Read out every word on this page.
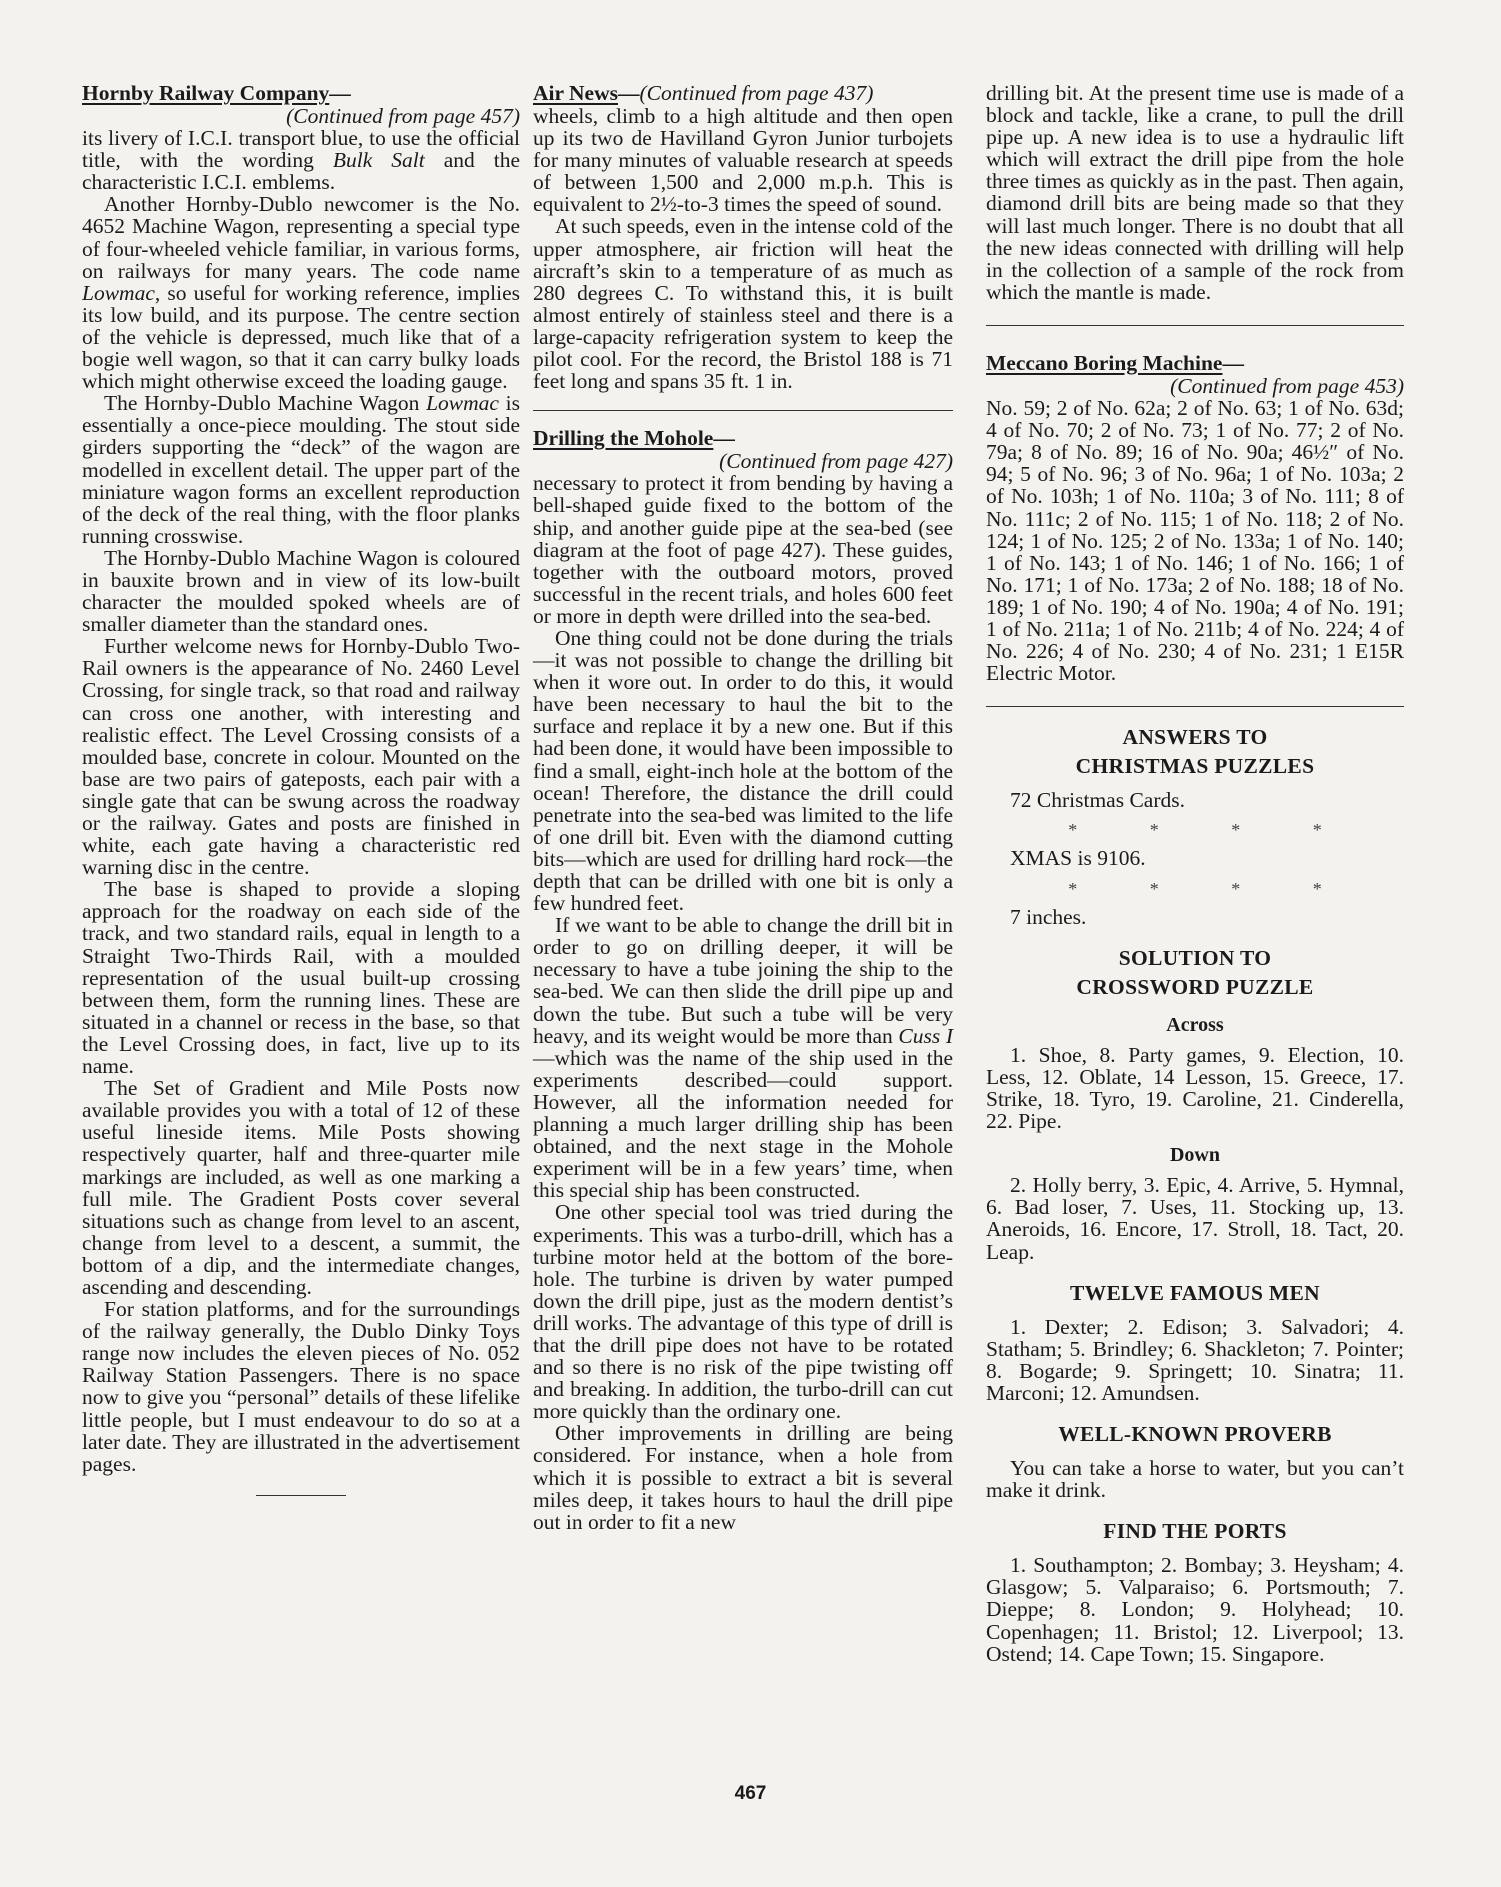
Hornby Railway Company—

(Continued from page 457)

its livery of I.C.I. transport blue, to use the official title, with the wording Bulk Salt and the characteristic I.C.I. emblems.

Another Hornby-Dublo newcomer is the No. 4652 Machine Wagon, representing a special type of four-wheeled vehicle familiar, in various forms, on railways for many years. The code name Lowmac, so useful for working reference, implies its low build, and its purpose. The centre section of the vehicle is depressed, much like that of a bogie well wagon, so that it can carry bulky loads which might otherwise exceed the loading gauge.

The Hornby-Dublo Machine Wagon Lowmac is essentially a once-piece moulding. The stout side girders supporting the “deck” of the wagon are modelled in excellent detail. The upper part of the miniature wagon forms an excellent reproduction of the deck of the real thing, with the floor planks running crosswise.

The Hornby-Dublo Machine Wagon is coloured in bauxite brown and in view of its low-built character the moulded spoked wheels are of smaller diameter than the standard ones.

Further welcome news for Hornby-Dublo Two-Rail owners is the appearance of No. 2460 Level Crossing, for single track, so that road and railway can cross one another, with interesting and realistic effect. The Level Crossing consists of a moulded base, concrete in colour. Mounted on the base are two pairs of gateposts, each pair with a single gate that can be swung across the roadway or the railway. Gates and posts are finished in white, each gate having a characteristic red warning disc in the centre.

The base is shaped to provide a sloping approach for the roadway on each side of the track, and two standard rails, equal in length to a Straight Two-Thirds Rail, with a moulded representation of the usual built-up crossing between them, form the running lines. These are situated in a channel or recess in the base, so that the Level Crossing does, in fact, live up to its name.

The Set of Gradient and Mile Posts now available provides you with a total of 12 of these useful lineside items. Mile Posts showing respectively quarter, half and three-quarter mile markings are included, as well as one marking a full mile. The Gradient Posts cover several situations such as change from level to an ascent, change from level to a descent, a summit, the bottom of a dip, and the intermediate changes, ascending and descending.

For station platforms, and for the surroundings of the railway generally, the Dublo Dinky Toys range now includes the eleven pieces of No. 052 Railway Station Passengers. There is no space now to give you “personal” details of these lifelike little people, but I must endeavour to do so at a later date. They are illustrated in the advertisement pages.

Air News—(Continued from page 437)

wheels, climb to a high altitude and then open up its two de Havilland Gyron Junior turbojets for many minutes of valuable research at speeds of between 1,500 and 2,000 m.p.h. This is equivalent to 2½-to-3 times the speed of sound.

At such speeds, even in the intense cold of the upper atmosphere, air friction will heat the aircraft’s skin to a temperature of as much as 280 degrees C. To withstand this, it is built almost entirely of stainless steel and there is a large-capacity refrigeration system to keep the pilot cool. For the record, the Bristol 188 is 71 feet long and spans 35 ft. 1 in.

Drilling the Mohole—

(Continued from page 427)

necessary to protect it from bending by having a bell-shaped guide fixed to the bottom of the ship, and another guide pipe at the sea-bed (see diagram at the foot of page 427). These guides, together with the outboard motors, proved successful in the recent trials, and holes 600 feet or more in depth were drilled into the sea-bed.

One thing could not be done during the trials—it was not possible to change the drilling bit when it wore out. In order to do this, it would have been necessary to haul the bit to the surface and replace it by a new one. But if this had been done, it would have been impossible to find a small, eight-inch hole at the bottom of the ocean! Therefore, the distance the drill could penetrate into the sea-bed was limited to the life of one drill bit. Even with the diamond cutting bits—which are used for drilling hard rock—the depth that can be drilled with one bit is only a few hundred feet.

If we want to be able to change the drill bit in order to go on drilling deeper, it will be necessary to have a tube joining the ship to the sea-bed. We can then slide the drill pipe up and down the tube. But such a tube will be very heavy, and its weight would be more than Cuss I—which was the name of the ship used in the experiments described—could support. However, all the information needed for planning a much larger drilling ship has been obtained, and the next stage in the Mohole experiment will be in a few years’ time, when this special ship has been constructed.

One other special tool was tried during the experiments. This was a turbo-drill, which has a turbine motor held at the bottom of the bore-hole. The turbine is driven by water pumped down the drill pipe, just as the modern dentist’s drill works. The advantage of this type of drill is that the drill pipe does not have to be rotated and so there is no risk of the pipe twisting off and breaking. In addition, the turbo-drill can cut more quickly than the ordinary one.

Other improvements in drilling are being considered. For instance, when a hole from which it is possible to extract a bit is several miles deep, it takes hours to haul the drill pipe out in order to fit a new

drilling bit. At the present time use is made of a block and tackle, like a crane, to pull the drill pipe up. A new idea is to use a hydraulic lift which will extract the drill pipe from the hole three times as quickly as in the past. Then again, diamond drill bits are being made so that they will last much longer. There is no doubt that all the new ideas connected with drilling will help in the collection of a sample of the rock from which the mantle is made.

Meccano Boring Machine—

(Continued from page 453)

No. 59; 2 of No. 62a; 2 of No. 63; 1 of No. 63d; 4 of No. 70; 2 of No. 73; 1 of No. 77; 2 of No. 79a; 8 of No. 89; 16 of No. 90a; 46½″ of No. 94; 5 of No. 96; 3 of No. 96a; 1 of No. 103a; 2 of No. 103h; 1 of No. 110a; 3 of No. 111; 8 of No. 111c; 2 of No. 115; 1 of No. 118; 2 of No. 124; 1 of No. 125; 2 of No. 133a; 1 of No. 140; 1 of No. 143; 1 of No. 146; 1 of No. 166; 1 of No. 171; 1 of No. 173a; 2 of No. 188; 18 of No. 189; 1 of No. 190; 4 of No. 190a; 4 of No. 191; 1 of No. 211a; 1 of No. 211b; 4 of No. 224; 4 of No. 226; 4 of No. 230; 4 of No. 231; 1 E15R Electric Motor.

ANSWERS TO
CHRISTMAS PUZZLES

72 Christmas Cards.

* * * *

XMAS is 9106.

* * * *

7 inches.

SOLUTION TO
CROSSWORD PUZZLE

Across

1. Shoe, 8. Party games, 9. Election, 10. Less, 12. Oblate, 14 Lesson, 15. Greece, 17. Strike, 18. Tyro, 19. Caroline, 21. Cinderella, 22. Pipe.

Down

2. Holly berry, 3. Epic, 4. Arrive, 5. Hymnal, 6. Bad loser, 7. Uses, 11. Stocking up, 13. Aneroids, 16. Encore, 17. Stroll, 18. Tact, 20. Leap.

TWELVE FAMOUS MEN

1. Dexter; 2. Edison; 3. Salvadori; 4. Statham; 5. Brindley; 6. Shackleton; 7. Pointer; 8. Bogarde; 9. Springett; 10. Sinatra; 11. Marconi; 12. Amundsen.

WELL-KNOWN PROVERB

You can take a horse to water, but you can’t make it drink.

FIND THE PORTS

1. Southampton; 2. Bombay; 3. Heysham; 4. Glasgow; 5. Valparaiso; 6. Portsmouth; 7. Dieppe; 8. London; 9. Holyhead; 10. Copenhagen; 11. Bristol; 12. Liverpool; 13. Ostend; 14. Cape Town; 15. Singapore.

467
